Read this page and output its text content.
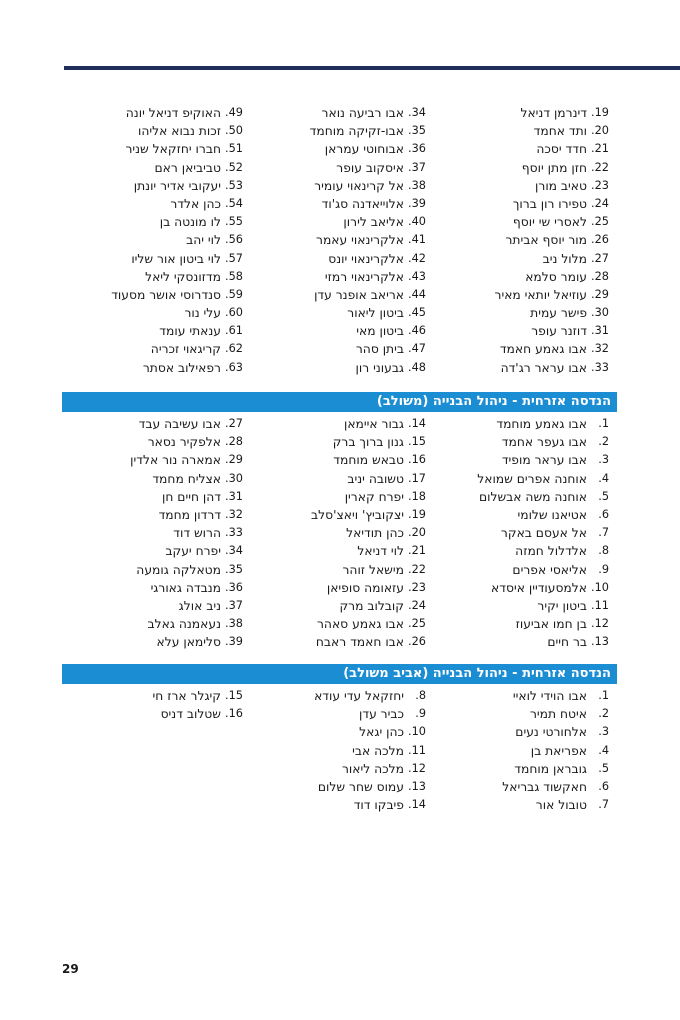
19.
דינרמן דניאל
20.
ותד אחמד
21.
חדד יסכה
22.
חזן מתן יוסף
23.
טאיב מורן
24.
טפירו רון ברוך
25.
לאסרי שי יוסף
26.
מור יוסף אביתר
27.
מלול ניב
28.
עומר סלמא
29.
עוזיאל יותאי מאיר
30.
פישר עמית
31.
דוזנר עופר
32.
אבו גאמע חאמד
33.
אבו עראר רג'דה
34.
אבו רביעה נואר
35.
אבו-זקיקה מוחמד
36.
אבוחוטי עמראן
37.
איסקוב עופר
38.
אל קרינאוי עומיר
39.
אלוייאדנה סג'וד
40.
אליאב לירון
41.
אלקרינאוי עאמר
42.
אלקרינאוי יונס
43.
אלקרינאוי רמזי
44.
אריאב אופנר עדן
45.
ביטון ליאור
46.
ביטון מאי
47.
ביתן סהר
48.
גבעוני רון
49.
האוקיפ דניאל יונה
50.
זכות נבוא אליהו
51.
חברו יחזקאל שניר
52.
טביביאן ראם
53.
יעקובי אדיר יונתן
54.
כהן אלדר
55.
לו מונטה בן
56.
לוי יהב
57.
לוי ביטון אור שליו
58.
מדזונסקי ליאל
59.
סנדרוסי אושר מסעוד
60.
עלי נור
61.
ענאתי עומד
62.
קריגאוי זכריה
63.
רפאילוב אסתר
הנדסה אזרחית - ניהול הבנייה (משולב)
1.
אבו גאמע מוחמד
2.
אבו געפר אחמד
3.
אבו עראר מופיד
4.
אוחנה אפרים שמואל
5.
אוחנה משה אבשלום
6.
אטיאנו שלומי
7.
אל אעסם באקר
8.
אלדלול חמזה
9.
אליאסי אפרים
10.
אלמסעודיין איסדא
11.
ביטון יקיר
12.
בן חמו אביעוז
13.
בר חיים
14.
גבור איימאן
15.
גנון ברוך ברק
16.
טבאש מוחמד
17.
טשובה יניב
18.
יפרח קארין
19.
יצקוביץ' ויאצ'סלב
20.
כהן תודיאל
21.
לוי דניאל
22.
מישאל זוהר
23.
עזאומה סופיאן
24.
קובלוב מרק
25.
אבו גאמע סאהר
26.
אבו חאמד ראבח
27.
אבו עשיבה עבד
28.
אלפקיר נסאר
29.
אמארה נור אלדין
30.
אצליח מחמד
31.
דהן חיים חן
32.
דרדון מחמד
33.
הרוש דוד
34.
יפרח יעקב
35.
מטאלקה גומעה
36.
מנבדה גאורגי
37.
ניב אולג
38.
נעאמנה גאלב
39.
סלימאן עלא
הנדסה אזרחית - ניהול הבנייה (אביב משולב)
1.
אבו הוידי לואיי
2.
איטח תמיר
3.
אלחורטי נעים
4.
אפריאת בן
5.
גובראן מוחמד
6.
חאקשוד גבריאל
7.
טובול אור
8.
יחזקאל עדי עודא
9.
כביר עדן
10.
כהן יגאל
11.
מלכה אבי
12.
מלכה ליאור
13.
עמוס שחר שלום
14.
פיבקו דוד
15.
קיגלר ארז חי
16.
שטלוב דניס
29
